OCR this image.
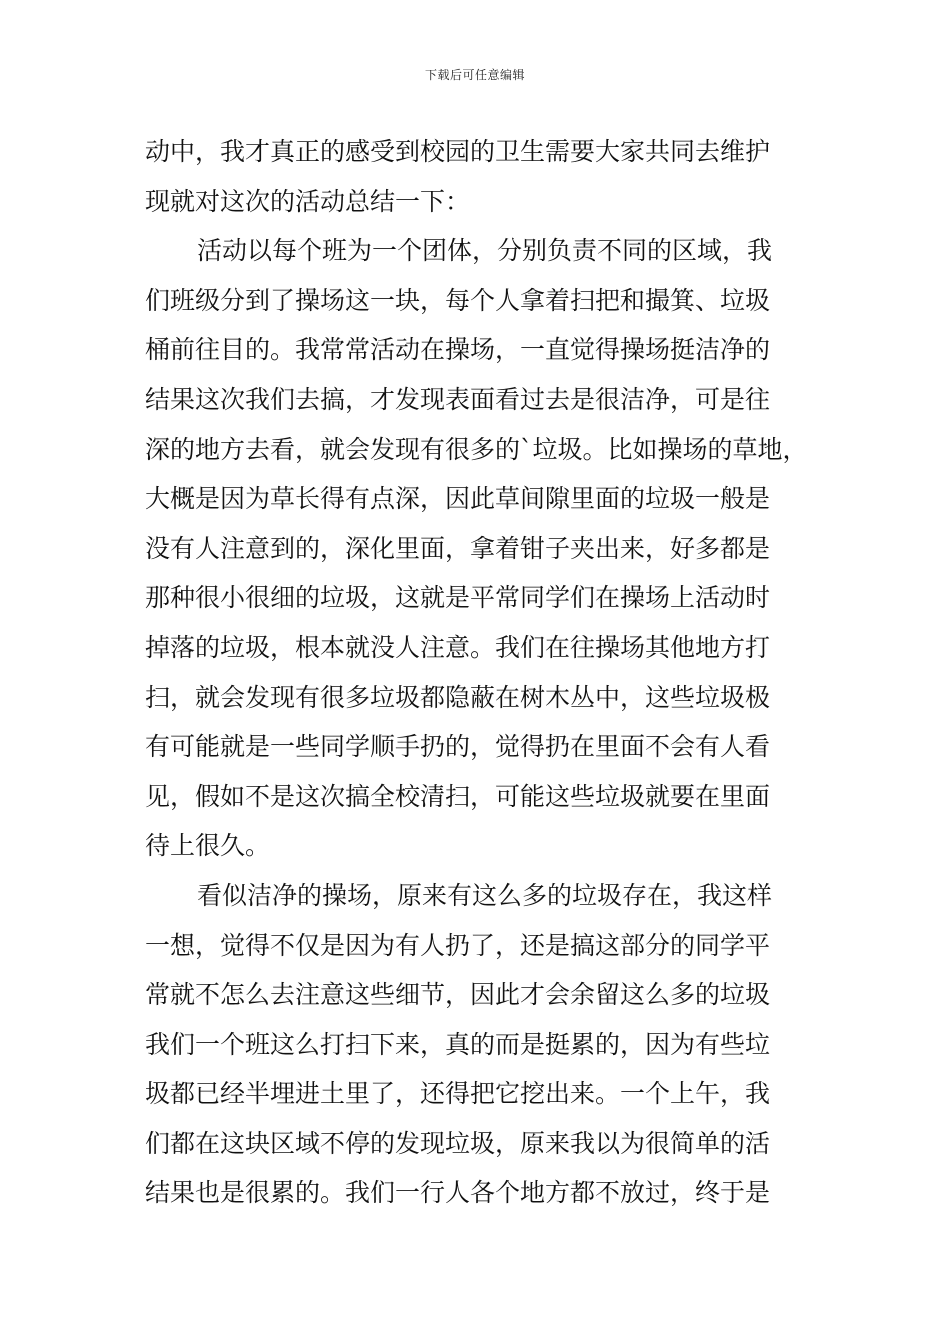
下载后可任意编辑
动中，我才真正的感受到校园的卫生需要大家共同去维护
现就对这次的活动总结一下：
活动以每个班为一个团体，分别负责不同的区域，我
们班级分到了操场这一块，每个人拿着扫把和撮箕、垃圾
桶前往目的。我常常活动在操场，一直觉得操场挺洁净的
结果这次我们去搞，才发现表面看过去是很洁净，可是往
深的地方去看，就会发现有很多的`垃圾。比如操场的草地，
大概是因为草长得有点深，因此草间隙里面的垃圾一般是
没有人注意到的，深化里面，拿着钳子夹出来，好多都是
那种很小很细的垃圾，这就是平常同学们在操场上活动时
掉落的垃圾，根本就没人注意。我们在往操场其他地方打
扫，就会发现有很多垃圾都隐蔽在树木丛中，这些垃圾极
有可能就是一些同学顺手扔的，觉得扔在里面不会有人看
见，假如不是这次搞全校清扫，可能这些垃圾就要在里面
待上很久。
看似洁净的操场，原来有这么多的垃圾存在，我这样
一想，觉得不仅是因为有人扔了，还是搞这部分的同学平
常就不怎么去注意这些细节，因此才会余留这么多的垃圾
我们一个班这么打扫下来，真的而是挺累的，因为有些垃
圾都已经半埋进土里了，还得把它挖出来。一个上午，我
们都在这块区域不停的发现垃圾，原来我以为很简单的活
结果也是很累的。我们一行人各个地方都不放过，终于是
